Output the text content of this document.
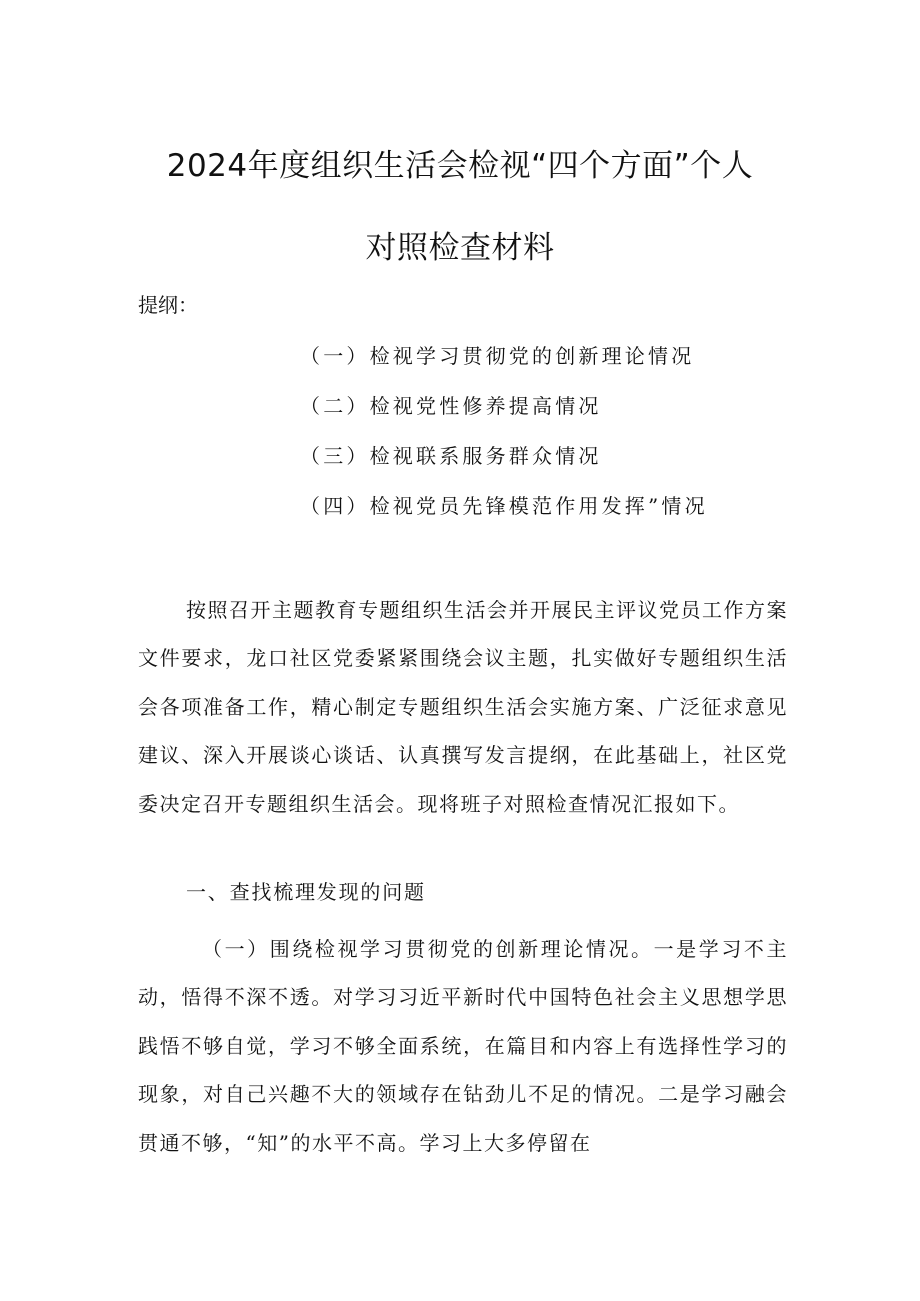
2024年度组织生活会检视“四个方面”个人
对照检查材料
提纲：
（一）检视学习贯彻党的创新理论情况
（二）检视党性修养提高情况
（三）检视联系服务群众情况
（四）检视党员先锋模范作用发挥”情况
按照召开主题教育专题组织生活会并开展民主评议党员工作方案文件要求，龙口社区党委紧紧围绕会议主题，扎实做好专题组织生活会各项准备工作，精心制定专题组织生活会实施方案、广泛征求意见建议、深入开展谈心谈话、认真撰写发言提纲，在此基础上，社区党委决定召开专题组织生活会。现将班子对照检查情况汇报如下。
一、查找梳理发现的问题
（一）围绕检视学习贯彻党的创新理论情况。一是学习不主动，悟得不深不透。对学习习近平新时代中国特色社会主义思想学思践悟不够自觉，学习不够全面系统，在篇目和内容上有选择性学习的现象，对自己兴趣不大的领域存在钻劲儿不足的情况。二是学习融会贯通不够，“知”的水平不高。学习上大多停留在
